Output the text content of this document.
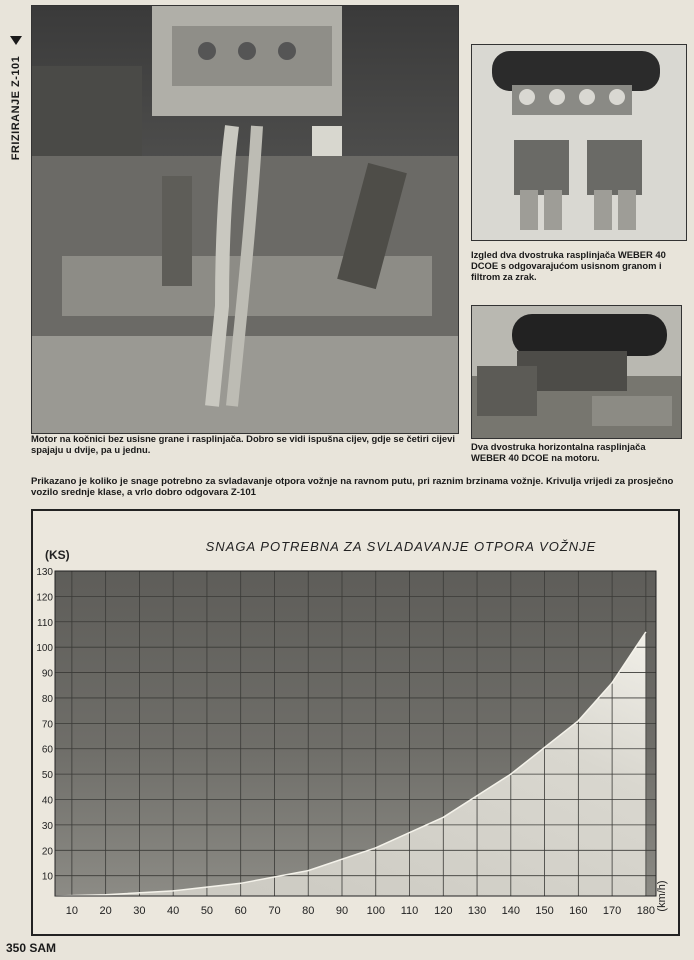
FRIZIRANJE Z-101
Motor na kočnici bez usisne grane i rasplinjača. Dobro se vidi ispušna cijev, gdje se četiri cijevi spajaju u dvije, pa u jednu.
Izgled dva dvostruka rasplinjača WEBER 40 DCOE s odgovarajućom usisnom granom i filtrom za zrak.
Dva dvostruka horizontalna rasplinjača WEBER 40 DCOE na motoru.
Prikazano je koliko je snage potrebno za svladavanje otpora vožnje na ravnom putu, pri raznim brzinama vožnje. Krivulja vrijedi za prosječno vozilo srednje klase, a vrlo dobro odgovara Z-101
SNAGA POTREBNA ZA SVLADAVANJE OTPORA VOŽNJE
(KS)
(km/h)
10 20 30 40 50 60 70 80 90 100 110 120 130 140 150 160 170 180
10
20
30
40
50
60
70
80
90
100
110
120
130
350 SAM
